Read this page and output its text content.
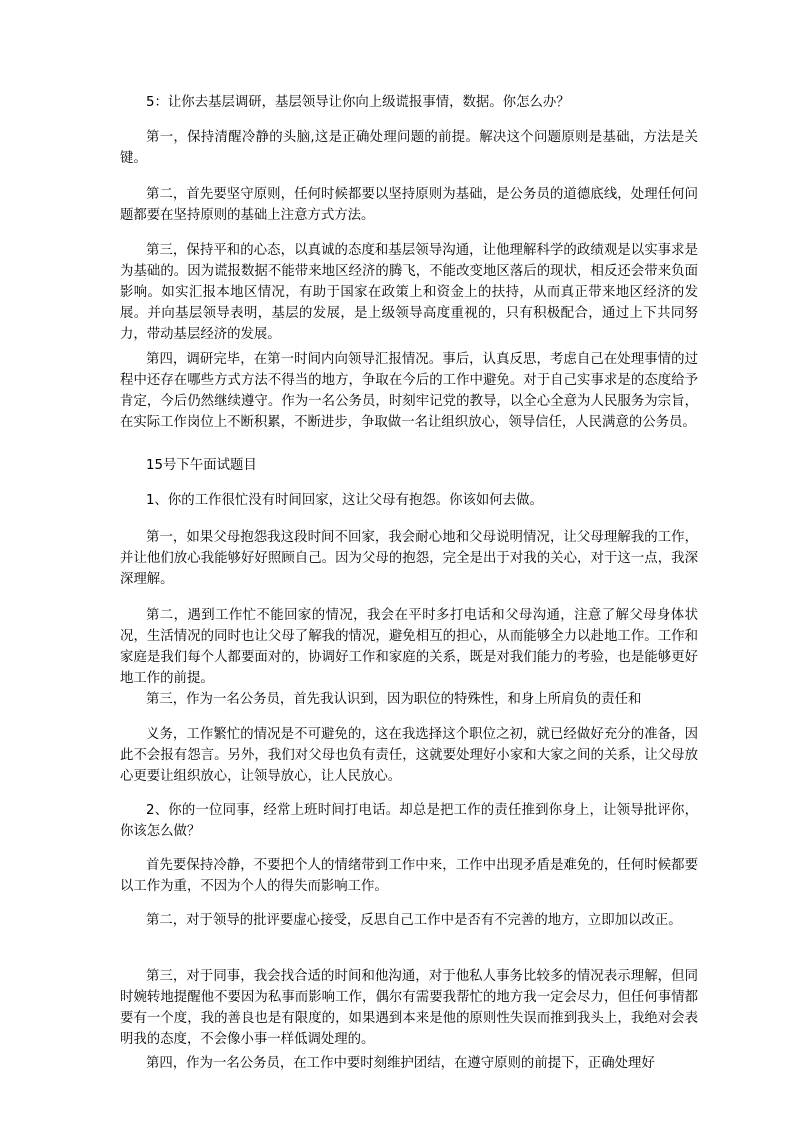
5：让你去基层调研，基层领导让你向上级谎报事情，数据。你怎么办？

第一，保持清醒冷静的头脑,这是正确处理问题的前提。解决这个问题原则是基础，方法是关键。

第二，首先要坚守原则，任何时候都要以坚持原则为基础，是公务员的道德底线，处理任何问题都要在坚持原则的基础上注意方式方法。

第三，保持平和的心态，以真诚的态度和基层领导沟通，让他理解科学的政绩观是以实事求是为基础的。因为谎报数据不能带来地区经济的腾飞，不能改变地区落后的现状，相反还会带来负面影响。如实汇报本地区情况，有助于国家在政策上和资金上的扶持，从而真正带来地区经济的发展。并向基层领导表明，基层的发展，是上级领导高度重视的，只有积极配合，通过上下共同努力，带动基层经济的发展。

第四，调研完毕，在第一时间内向领导汇报情况。事后，认真反思，考虑自己在处理事情的过程中还存在哪些方式方法不得当的地方，争取在今后的工作中避免。对于自己实事求是的态度给予肯定，今后仍然继续遵守。作为一名公务员，时刻牢记党的教导，以全心全意为人民服务为宗旨，在实际工作岗位上不断积累，不断进步，争取做一名让组织放心，领导信任，人民满意的公务员。

15号下午面试题目

1、你的工作很忙没有时间回家，这让父母有抱怨。你该如何去做。

第一，如果父母抱怨我这段时间不回家，我会耐心地和父母说明情况，让父母理解我的工作，并让他们放心我能够好好照顾自己。因为父母的抱怨，完全是出于对我的关心，对于这一点，我深深理解。

第二，遇到工作忙不能回家的情况，我会在平时多打电话和父母沟通，注意了解父母身体状况，生活情况的同时也让父母了解我的情况，避免相互的担心，从而能够全力以赴地工作。工作和家庭是我们每个人都要面对的，协调好工作和家庭的关系，既是对我们能力的考验，也是能够更好地工作的前提。

第三，作为一名公务员，首先我认识到，因为职位的特殊性，和身上所肩负的责任和

义务，工作繁忙的情况是不可避免的，这在我选择这个职位之初，就已经做好充分的准备，因此不会报有怨言。另外，我们对父母也负有责任，这就要处理好小家和大家之间的关系，让父母放心更要让组织放心，让领导放心，让人民放心。

2、你的一位同事，经常上班时间打电话。却总是把工作的责任推到你身上，让领导批评你，你该怎么做？

首先要保持冷静，不要把个人的情绪带到工作中来，工作中出现矛盾是难免的，任何时候都要以工作为重，不因为个人的得失而影响工作。

第二，对于领导的批评要虚心接受，反思自己工作中是否有不完善的地方，立即加以改正。

第三，对于同事，我会找合适的时间和他沟通，对于他私人事务比较多的情况表示理解，但同时婉转地提醒他不要因为私事而影响工作，偶尔有需要我帮忙的地方我一定会尽力，但任何事情都要有一个度，我的善良也是有限度的，如果遇到本来是他的原则性失误而推到我头上，我绝对会表明我的态度，不会像小事一样低调处理的。

第四，作为一名公务员，在工作中要时刻维护团结，在遵守原则的前提下，正确处理好
